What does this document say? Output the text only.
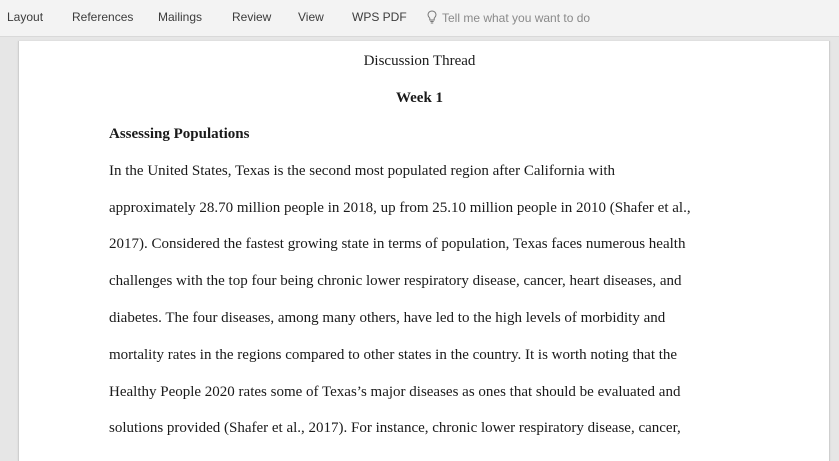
Layout References Mailings Review View WPS PDF	Tell me what you want to do
Discussion Thread
Week 1
Assessing Populations
In the United States, Texas is the second most populated region after California with
approximately 28.70 million people in 2018, up from 25.10 million people in 2010 (Shafer et al.,
2017). Considered the fastest growing state in terms of population, Texas faces numerous health
challenges with the top four being chronic lower respiratory disease, cancer, heart diseases, and
diabetes. The four diseases, among many others, have led to the high levels of morbidity and
mortality rates in the regions compared to other states in the country. It is worth noting that the
Healthy People 2020 rates some of Texas’s major diseases as ones that should be evaluated and
solutions provided (Shafer et al., 2017). For instance, chronic lower respiratory disease, cancer,
